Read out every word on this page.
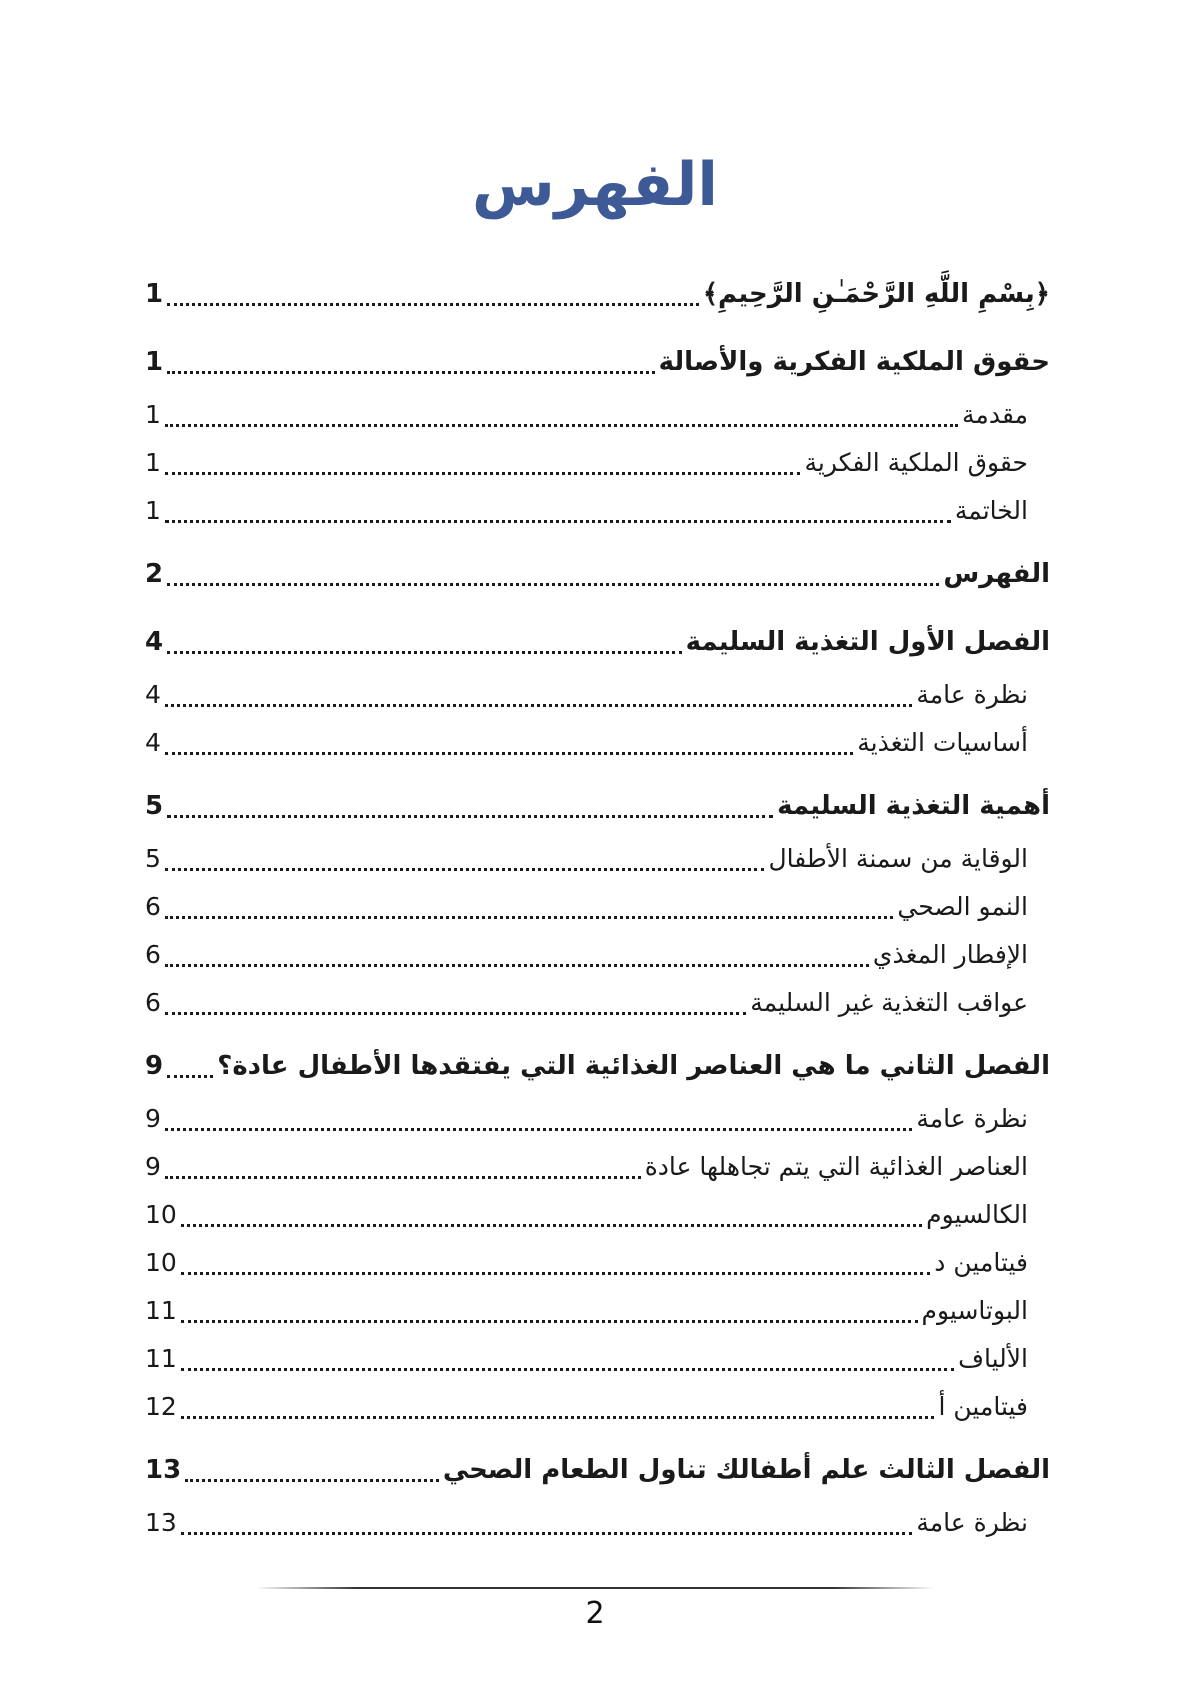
الفهرس
1	﴿بِسْمِ اللَّهِ الرَّحْمَـٰنِ الرَّحِيمِ﴾
1	حقوق الملكية الفكرية والأصالة
1	مقدمة
1	حقوق الملكية الفكرية
1	الخاتمة
2	الفهرس
4	الفصل الأول التغذية السليمة
4	نظرة عامة
4	أساسيات التغذية
5	أهمية التغذية السليمة
5	الوقاية من سمنة الأطفال
6	النمو الصحي
6	الإفطار المغذي
6	عواقب التغذية غير السليمة
9 الفصل الثاني ما هي العناصر الغذائية التي يفتقدها الأطفال عادة؟
9	نظرة عامة
9	العناصر الغذائية التي يتم تجاهلها عادة
10	الكالسيوم
10	فيتامين د
11	البوتاسيوم
11	الألياف
12	فيتامين أ
13	الفصل الثالث علم أطفالك تناول الطعام الصحي
13	نظرة عامة
2
